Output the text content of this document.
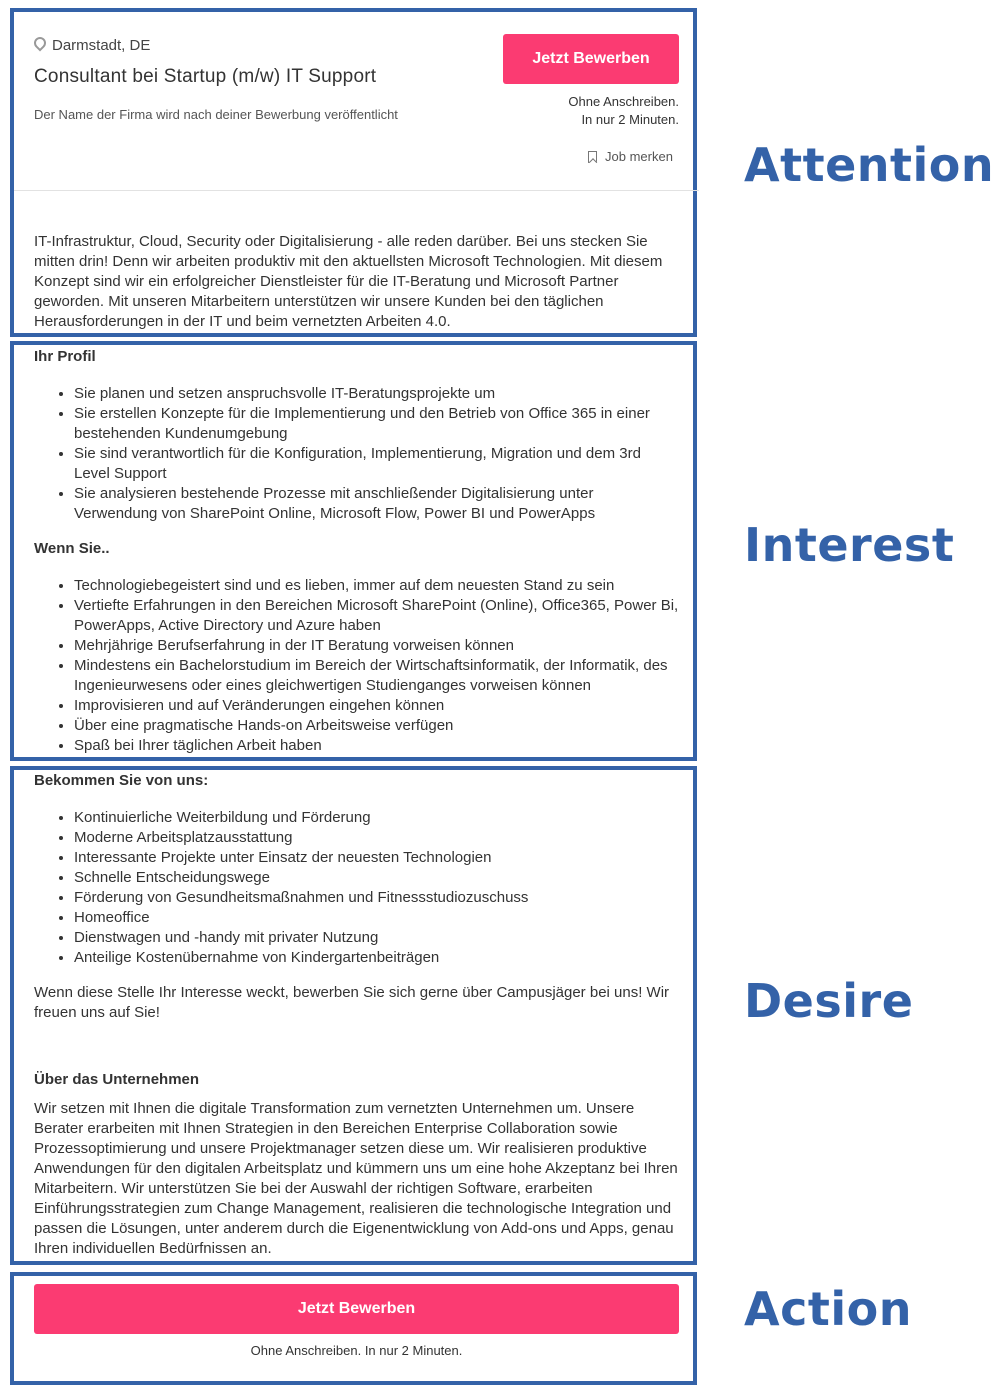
Darmstadt, DE
Consultant bei Startup (m/w) IT Support
Der Name der Firma wird nach deiner Bewerbung veröffentlicht
Jetzt Bewerben
Ohne Anschreiben.
In nur 2 Minuten.
Job merken
IT-Infrastruktur, Cloud, Security oder Digitalisierung - alle reden darüber. Bei uns stecken Sie mitten drin! Denn wir arbeiten produktiv mit den aktuellsten Microsoft Technologien. Mit diesem Konzept sind wir ein erfolgreicher Dienstleister für die IT-Beratung und Microsoft Partner geworden. Mit unseren Mitarbeitern unterstützen wir unsere Kunden bei den täglichen Herausforderungen in der IT und beim vernetzten Arbeiten 4.0.
Ihr Profil
• Sie planen und setzen anspruchsvolle IT-Beratungsprojekte um
• Sie erstellen Konzepte für die Implementierung und den Betrieb von Office 365 in einer bestehenden Kundenumgebung
• Sie sind verantwortlich für die Konfiguration, Implementierung, Migration und dem 3rd Level Support
• Sie analysieren bestehende Prozesse mit anschließender Digitalisierung unter Verwendung von SharePoint Online, Microsoft Flow, Power BI und PowerApps
Wenn Sie..
• Technologiebegeistert sind und es lieben, immer auf dem neuesten Stand zu sein
• Vertiefte Erfahrungen in den Bereichen Microsoft SharePoint (Online), Office365, Power Bi, PowerApps, Active Directory und Azure haben
• Mehrjährige Berufserfahrung in der IT Beratung vorweisen können
• Mindestens ein Bachelorstudium im Bereich der Wirtschaftsinformatik, der Informatik, des Ingenieurwesens oder eines gleichwertigen Studienganges vorweisen können
• Improvisieren und auf Veränderungen eingehen können
• Über eine pragmatische Hands-on Arbeitsweise verfügen
• Spaß bei Ihrer täglichen Arbeit haben
Bekommen Sie von uns:
• Kontinuierliche Weiterbildung und Förderung
• Moderne Arbeitsplatzausstattung
• Interessante Projekte unter Einsatz der neuesten Technologien
• Schnelle Entscheidungswege
• Förderung von Gesundheitsmaßnahmen und Fitnessstudiozuschuss
• Homeoffice
• Dienstwagen und -handy mit privater Nutzung
• Anteilige Kostenübernahme von Kindergartenbeiträgen
Wenn diese Stelle Ihr Interesse weckt, bewerben Sie sich gerne über Campusjäger bei uns! Wir freuen uns auf Sie!
Über das Unternehmen
Wir setzen mit Ihnen die digitale Transformation zum vernetzten Unternehmen um. Unsere Berater erarbeiten mit Ihnen Strategien in den Bereichen Enterprise Collaboration sowie Prozessoptimierung und unsere Projektmanager setzen diese um. Wir realisieren produktive Anwendungen für den digitalen Arbeitsplatz und kümmern uns um eine hohe Akzeptanz bei Ihren Mitarbeitern. Wir unterstützen Sie bei der Auswahl der richtigen Software, erarbeiten Einführungsstrategien zum Change Management, realisieren die technologische Integration und passen die Lösungen, unter anderem durch die Eigenentwicklung von Add-ons und Apps, genau Ihren individuellen Bedürfnissen an.
Jetzt Bewerben
Ohne Anschreiben. In nur 2 Minuten.
Attention
Interest
Desire
Action
